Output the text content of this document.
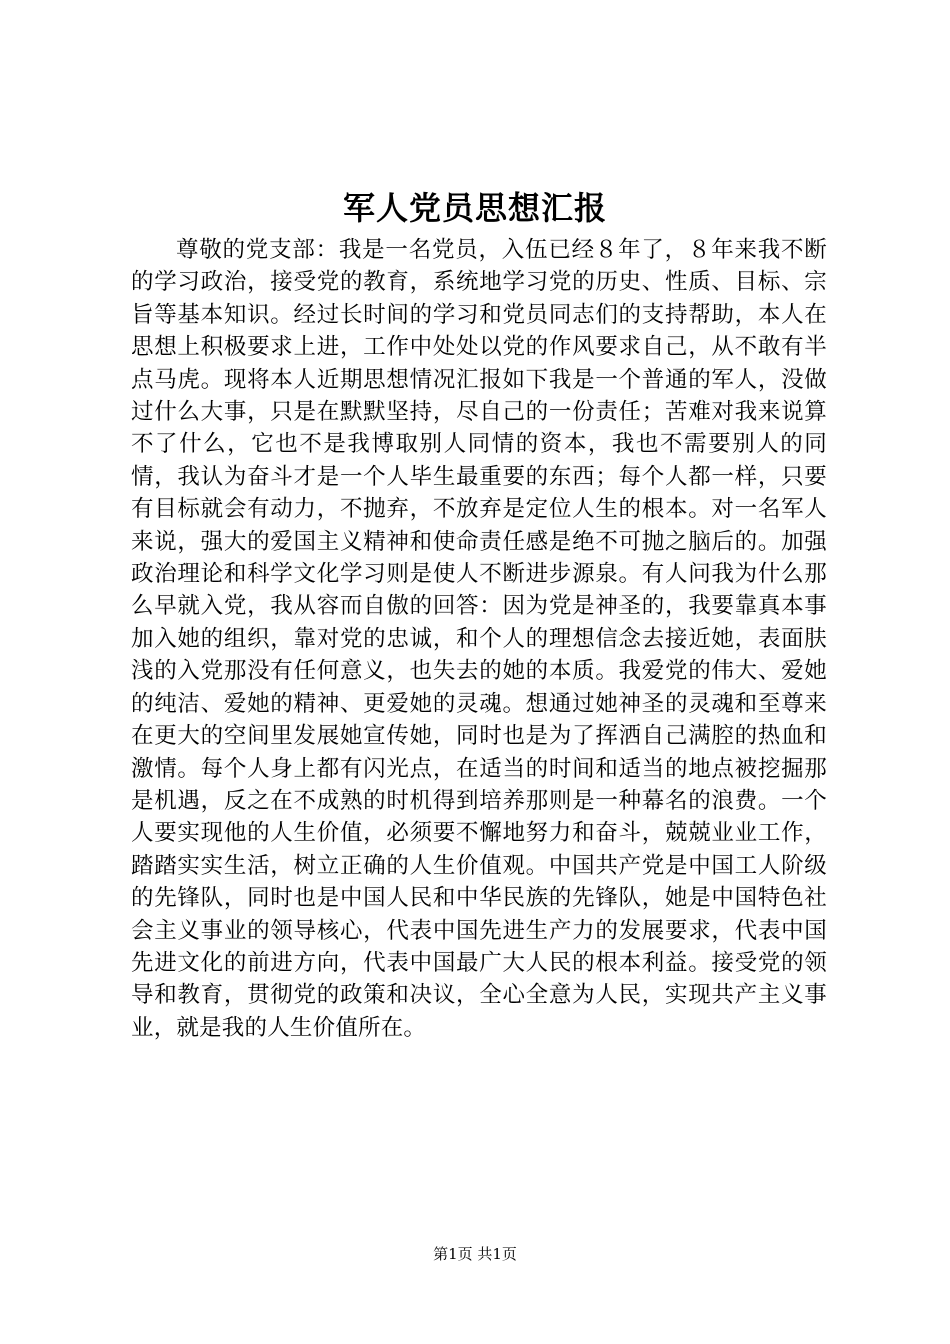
军人党员思想汇报

尊敬的党支部：我是一名党员，入伍已经８年了，８年来我不断的学习政治，接受党的教育，系统地学习党的历史、性质、目标、宗旨等基本知识。经过长时间的学习和党员同志们的支持帮助，本人在思想上积极要求上进，工作中处处以党的作风要求自己，从不敢有半点马虎。现将本人近期思想情况汇报如下我是一个普通的军人，没做过什么大事，只是在默默坚持，尽自己的一份责任；苦难对我来说算不了什么，它也不是我博取别人同情的资本，我也不需要别人的同情，我认为奋斗才是一个人毕生最重要的东西；每个人都一样，只要有目标就会有动力，不抛弃，不放弃是定位人生的根本。对一名军人来说，强大的爱国主义精神和使命责任感是绝不可抛之脑后的。加强政治理论和科学文化学习则是使人不断进步源泉。有人问我为什么那么早就入党，我从容而自傲的回答：因为党是神圣的，我要靠真本事加入她的组织，靠对党的忠诚，和个人的理想信念去接近她，表面肤浅的入党那没有任何意义，也失去的她的本质。我爱党的伟大、爱她的纯洁、爱她的精神、更爱她的灵魂。想通过她神圣的灵魂和至尊来在更大的空间里发展她宣传她，同时也是为了挥洒自己满腔的热血和激情。每个人身上都有闪光点，在适当的时间和适当的地点被挖掘那是机遇，反之在不成熟的时机得到培养那则是一种幕名的浪费。一个人要实现他的人生价值，必须要不懈地努力和奋斗，兢兢业业工作，踏踏实实生活，树立正确的人生价值观。中国共产党是中国工人阶级的先锋队，同时也是中国人民和中华民族的先锋队，她是中国特色社会主义事业的领导核心，代表中国先进生产力的发展要求，代表中国先进文化的前进方向，代表中国最广大人民的根本利益。接受党的领导和教育，贯彻党的政策和决议，全心全意为人民，实现共产主义事业，就是我的人生价值所在。

第1页 共1页
